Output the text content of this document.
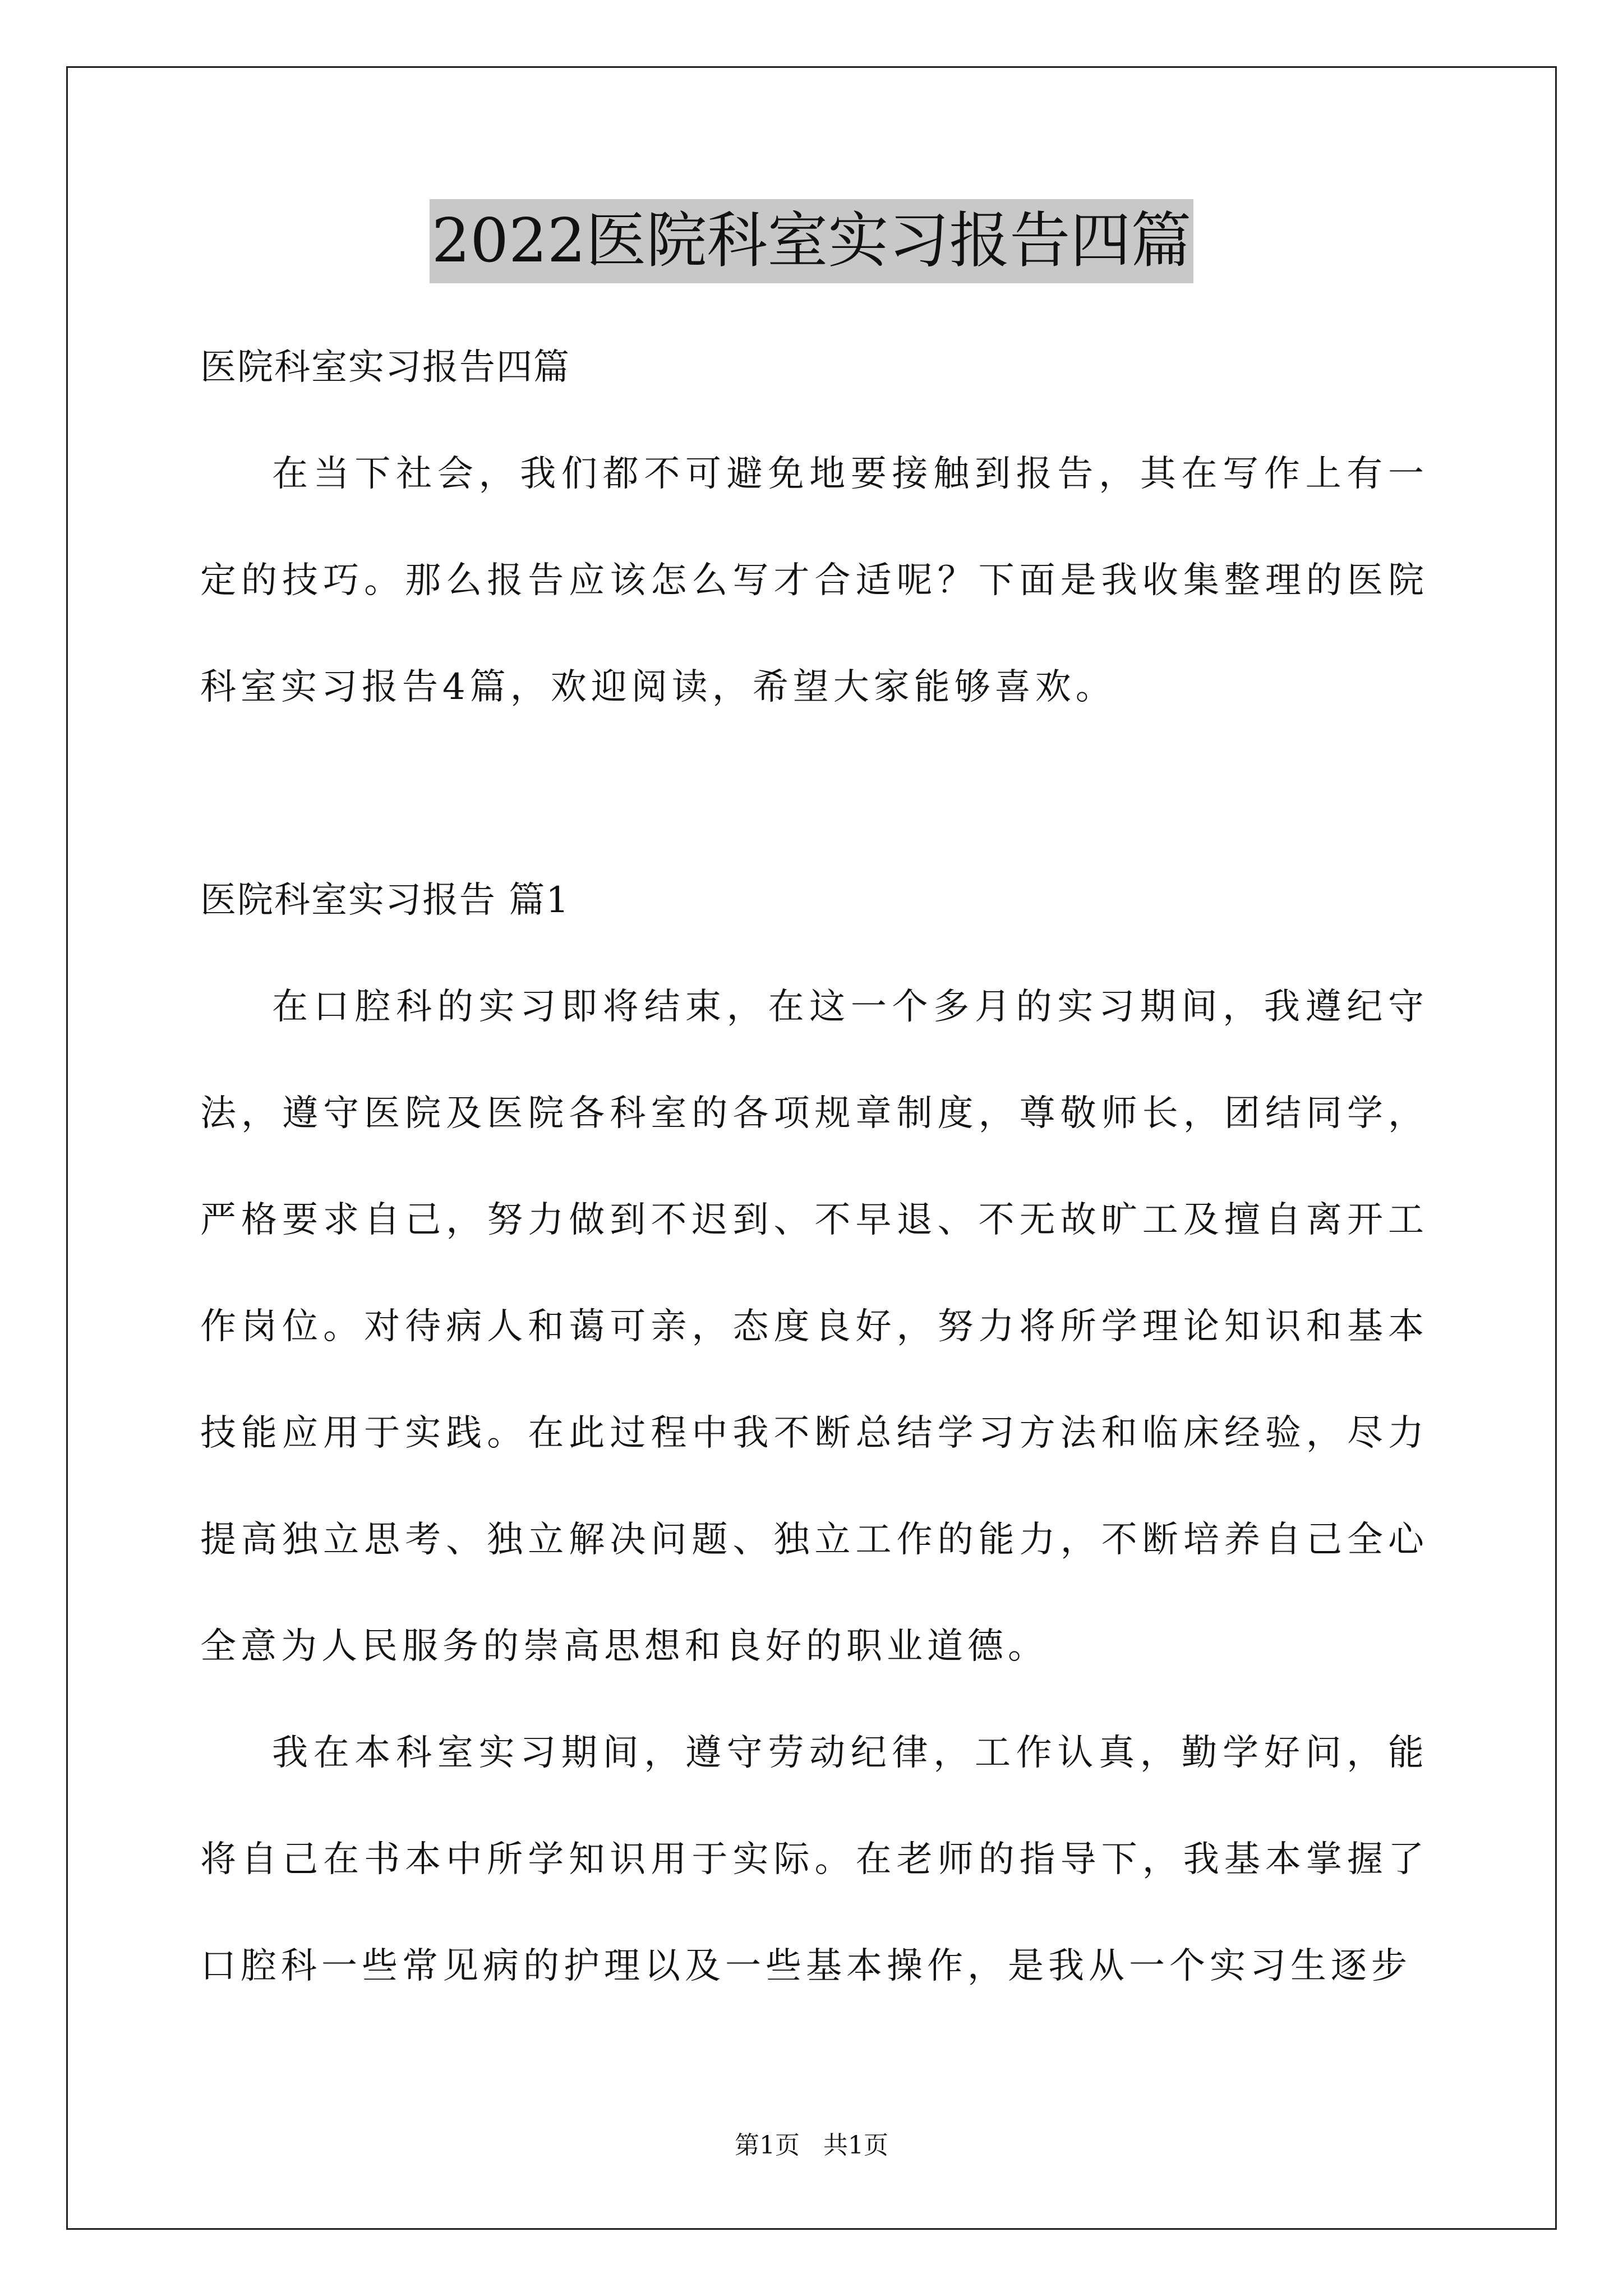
2022医院科室实习报告四篇

医院科室实习报告四篇

在当下社会，我们都不可避免地要接触到报告，其在写作上有一定的技巧。那么报告应该怎么写才合适呢？下面是我收集整理的医院科室实习报告4篇，欢迎阅读，希望大家能够喜欢。

医院科室实习报告 篇1

在口腔科的实习即将结束，在这一个多月的实习期间，我遵纪守法，遵守医院及医院各科室的各项规章制度，尊敬师长，团结同学，严格要求自己，努力做到不迟到、不早退、不无故旷工及擅自离开工作岗位。对待病人和蔼可亲，态度良好，努力将所学理论知识和基本技能应用于实践。在此过程中我不断总结学习方法和临床经验，尽力提高独立思考、独立解决问题、独立工作的能力，不断培养自己全心全意为人民服务的崇高思想和良好的职业道德。

我在本科室实习期间，遵守劳动纪律，工作认真，勤学好问，能将自己在书本中所学知识用于实际。在老师的指导下，我基本掌握了口腔科一些常见病的护理以及一些基本操作，是我从一个实习生逐步

第1页   共1页
